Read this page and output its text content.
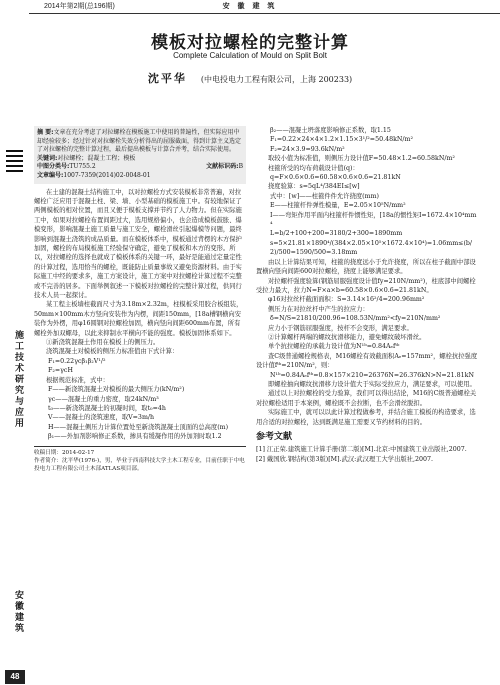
2014年第2期(总196期)	安 徽 建 筑
施工技术研究与应用
安徽建筑
48
模板对拉螺栓的完整计算
Complete Calculation of Mould on Split Bolt
沈平华 (中电投电力工程有限公司，上海 200233)
摘 要:文章在充分考虑了对拉螺栓在模板施工中使用的普遍性，但实际应用中却经验较多；经过针对对拉螺栓失效分析得出的屈服截面，得到计算主义选定了对拉螺栓的完整计算过程，最后提出模板与计算合并考，结合实际使用。
关键词:对拉螺栓；混凝土工程；模板
中图分类号:TU755.2	文献标识码:B
文章编号:1007-7359(2014)02-0048-01

在土建的混凝土结构施工中，以对拉螺栓方式安装模板非常普遍，对拉螺栓广泛应用于混凝土柱、梁、墙、小型基础的模板施工中。有较地保证了两侧模板的相对位置，而且又便于模板支撑并节约了人力物力。但在实际施工中，如果对拉螺栓布置间距过大，选用规格偏小，也会造成模板鼓胀、爆模变形，影响混凝土施工质量与施工安全，螺栓滑丝引起爆模等问题，最终影响到混凝土浇筑的成品质量。而在模板体系中，模板通过背楞的木方保护加固，螺栓的布局模板施工经验保守确定，避免了模板和木方的变形。所以，对拉螺栓的选择也就成了模板体系的关键一环，最好是能通过定量定性的计算过程，选用恰当的螺栓，既能防止质量事故又避免资源材料。由于实际施工中经的要求多，施工方案设计，施工方案中对拉螺栓计算过程不完整或不完善的居多。下面举例叙述一下模板对拉螺栓的完整计算过程，供同行技术人员一起探讨。

某工程主板墙柱截面尺寸为3.18m×2.32m，柱模板采用胶合板组装，50mm×100mm木方竖向安装作为内楞，间距150mm，[18a槽钢横向安装作为外楞，用φ16圆钢对拉螺栓加固，横向竖向间距600mm布置，所有螺栓外加双螺母，以此来抑制水平横向不能的强度。模板加固体系如下。

①新浇筑混凝土作用在模板上的侧压力。

浇筑混凝土对模板的侧压力标准值由下式计算：

F₁=0.22γcβ₁β₂V¹/²

F₂=γcH

根据规范标准，式中：

F——新浇筑混凝土对模板的最大侧压力(kN/m²)

γc——混凝土的重力密度，取24kN/m³

t₀——新浇筑混凝土的初凝时间，取t₀=4h

V——混凝土的浇筑速度，取V=3m/h

H——混凝土侧压力计算位置处至新浇筑混凝土顶面的总高度(m)

β₁——外加剂影响修正系数，掺具有缓凝作用的外加剂时取1.2

收稿日期：2014-02-17
作者简介：沈平华(1976-)，男，毕业于西南科技大学土木工程专业，目前任职于中电投电力工程有限公司土木部ATLAS项目部。

β₂——混凝土坍落度影响修正系数，取1.15

F₁=0.22×24×4×1.2×1.15×3¹/²=50.48kN/m²

F₂=24×3.9=93.6kN/m²

取较小值为标准值，则侧压力设计值F=50.48×1.2=60.58kN/m²

柱箍所受的均布荷载设计值(q)：

q=F×0.6×0.6=60.58×0.6×0.6=21.81kN

挠度验算：s=5qL⁴/384EI≤[w]

式中：[w]——柱箍件件允许挠度(mm)

E——柱箍杆件弹性模量，E=2.05×10⁵N/mm²

I——弯矩作用平面内柱箍杆件惯性矩，[18a的惯性矩I=1672.4×10⁴mm⁴

L=b/2+100+200=3180/2+300=1890mm

s=5×21.81×1890⁴/(384×2.05×10⁵×1672.4×10⁴)=1.06mm≤(b/2)/500=1590/500=3.18mm

由以上计算结果可知，柱箍的挠度远小于允许挠度，所以在柱子截面中部设置横向竖向间距600对拉螺栓，挠度上能够满足要求。

对拉螺杆强度验算(钢筋屈服强度设计值fy=210N/mm²)，柱底部中间螺栓受拉力最大，拉力N=F×a×b=60.58×0.6×0.6=21.81kN。

φ16对拉丝杆截面面积：S=3.14×16²/4=200.96mm²

侧压力在对拉丝杆中产生的拉应力：

δ=N/S=21810/200.96=108.53N/mm²<fy=210N/mm²

应力小于钢筋屈服强度，按杆不会变形，满足要求。

②计算螺杆两端的螺纹抗滑移能力，避免螺纹破坏滑丝。

单个抗拉螺栓的承载力设计值为N¹ᵇ=0.84Aₑfᵗᵇ

查C级普通螺栓规格表，M16螺栓有效截面积Aₑ=157mm²，螺栓抗拉强度设计值fᵗᵇ=210N/m²，则：

N¹ᵇ=0.84Aₑfᵗᵇ=0.8×157×210=26376N=26.376kN>N=21.81kN

即螺栓抽向螺纹抗滑移力设计值大于实际受拉应力，满足要求，可以使用。

通过以上对拉螺栓的受力验算，我们可以得出结论，M16的C级普通螺栓关对拉螺栓适用于本案例，螺栓既不会拉断，也不会滑丝脱扣。

实际施工中，就可以以此计算过程做参考，并结合施工模板的构造要求，选用合适的对拉螺栓，达到既满足施工需要又节约材料的目的。

参考文献

[1] 江正荣.建筑施工计算手册(第二版)[M].北京:中国建筑工业出版社,2007.

[2] 戴国欣.钢结构(第3版)[M].武汉:武汉理工大学出版社,2007.
